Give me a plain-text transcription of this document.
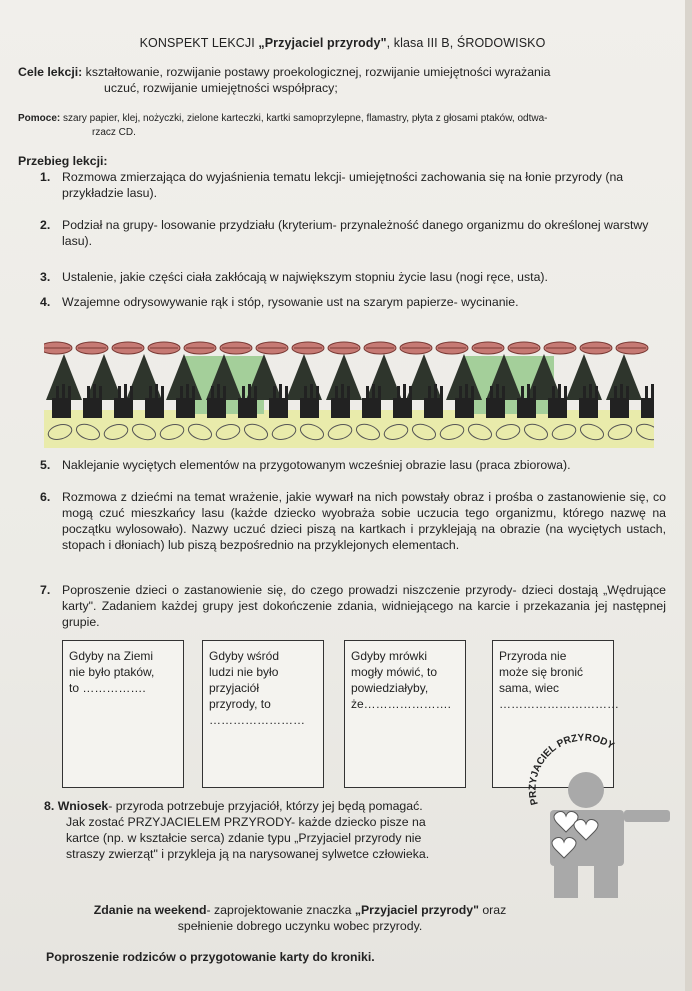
KONSPEKT LEKCJI „Przyjaciel przyrody", klasa III B, ŚRODOWISKO
Cele lekcji: kształtowanie, rozwijanie postawy proekologicznej, rozwijanie umiejętności wyrażania
uczuć, rozwijanie umiejętności współpracy;
Pomoce: szary papier, klej, nożyczki, zielone karteczki, kartki samoprzylepne, flamastry, płyta z głosami ptaków, odtwa-
rzacz CD.
Przebieg lekcji:
1. Rozmowa zmierzająca do wyjaśnienia tematu lekcji- umiejętności zachowania się na łonie przyrody (na przykładzie lasu).
2. Podział na grupy- losowanie przydziału (kryterium- przynależność danego organizmu do określonej warstwy lasu).
3. Ustalenie, jakie części ciała zakłócają w największym stopniu życie lasu (nogi ręce, usta).
4. Wzajemne odrysowywanie rąk i stóp, rysowanie ust na szarym papierze- wycinanie.
5. Naklejanie wyciętych elementów na przygotowanym wcześniej obrazie lasu (praca zbiorowa).
6. Rozmowa z dziećmi na temat wrażenie, jakie wywarł na nich powstały obraz i prośba o zastanowienie się, co mogą czuć mieszkańcy lasu (każde dziecko wyobraża sobie uczucia tego organizmu, którego nazwę na początku wylosowało). Nazwy uczuć dzieci piszą na kartkach i przyklejają na obrazie (na wyciętych ustach, stopach i dłoniach) lub piszą bezpośrednio na przyklejonych elementach.
7. Poproszenie dzieci o zastanowienie się, do czego prowadzi niszczenie przyrody- dzieci dostają „Wędrujące karty". Zadaniem każdej grupy jest dokończenie zdania, widniejącego na karcie i przekazania jej następnej grupie.
Gdyby na Ziemi
nie było ptaków,
to …………….
Gdyby wśród
ludzi nie było
przyjaciół
przyrody, to
……………………
Gdyby mrówki
mogły mówić, to
powiedziałyby,
że………………….
Przyroda nie
może się bronić
sama, wiec
…………………………
8. Wniosek- przyroda potrzebuje przyjaciół, którzy jej będą pomagać.
Jak zostać PRZYJACIELEM PRZYRODY- każde dziecko pisze na
kartce (np. w kształcie serca) zdanie typu „Przyjaciel przyrody nie
straszy zwierząt" i przykleja ją na narysowanej sylwetce człowieka.
PRZYJACIEL PRZYRODY
Zdanie na weekend- zaprojektowanie znaczka „Przyjaciel przyrody" oraz
spełnienie dobrego uczynku wobec przyrody.
Poproszenie rodziców o przygotowanie karty do kroniki.
